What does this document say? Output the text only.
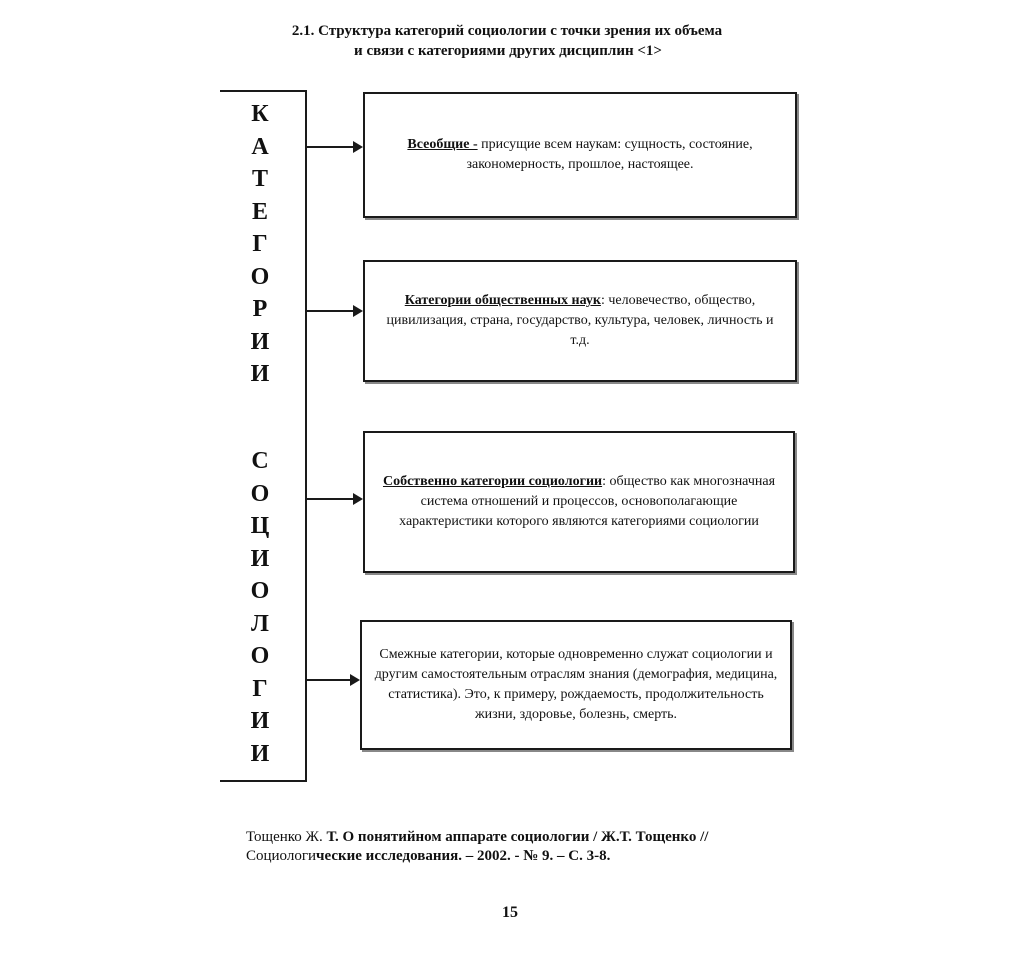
2.1. Структура категорий социологии с точки зрения их объема
и связи с категориями других дисциплин <1>
К
А
Т
Е
Г
О
Р
И
И
С
О
Ц
И
О
Л
О
Г
И
И
Всеобщие - присущие всем наукам: сущность, состояние, закономерность, прошлое, настоящее.
Категории общественных наук: человечество, общество, цивилизация, страна, государство, культура, человек, личность и т.д.
Собственно категории социологии: общество как многозначная система отношений и процессов, основополагающие характеристики которого являются категориями социологии
Смежные категории, которые одновременно служат социологии и другим самостоятельным отраслям знания (демография, медицина, статистика). Это, к примеру, рождаемость, продолжительность жизни, здоровье, болезнь, смерть.
Тощенко Ж. Т. О понятийном аппарате социологии / Ж.Т. Тощенко //
Социологические исследования. – 2002. - № 9. – С. 3-8.
15
